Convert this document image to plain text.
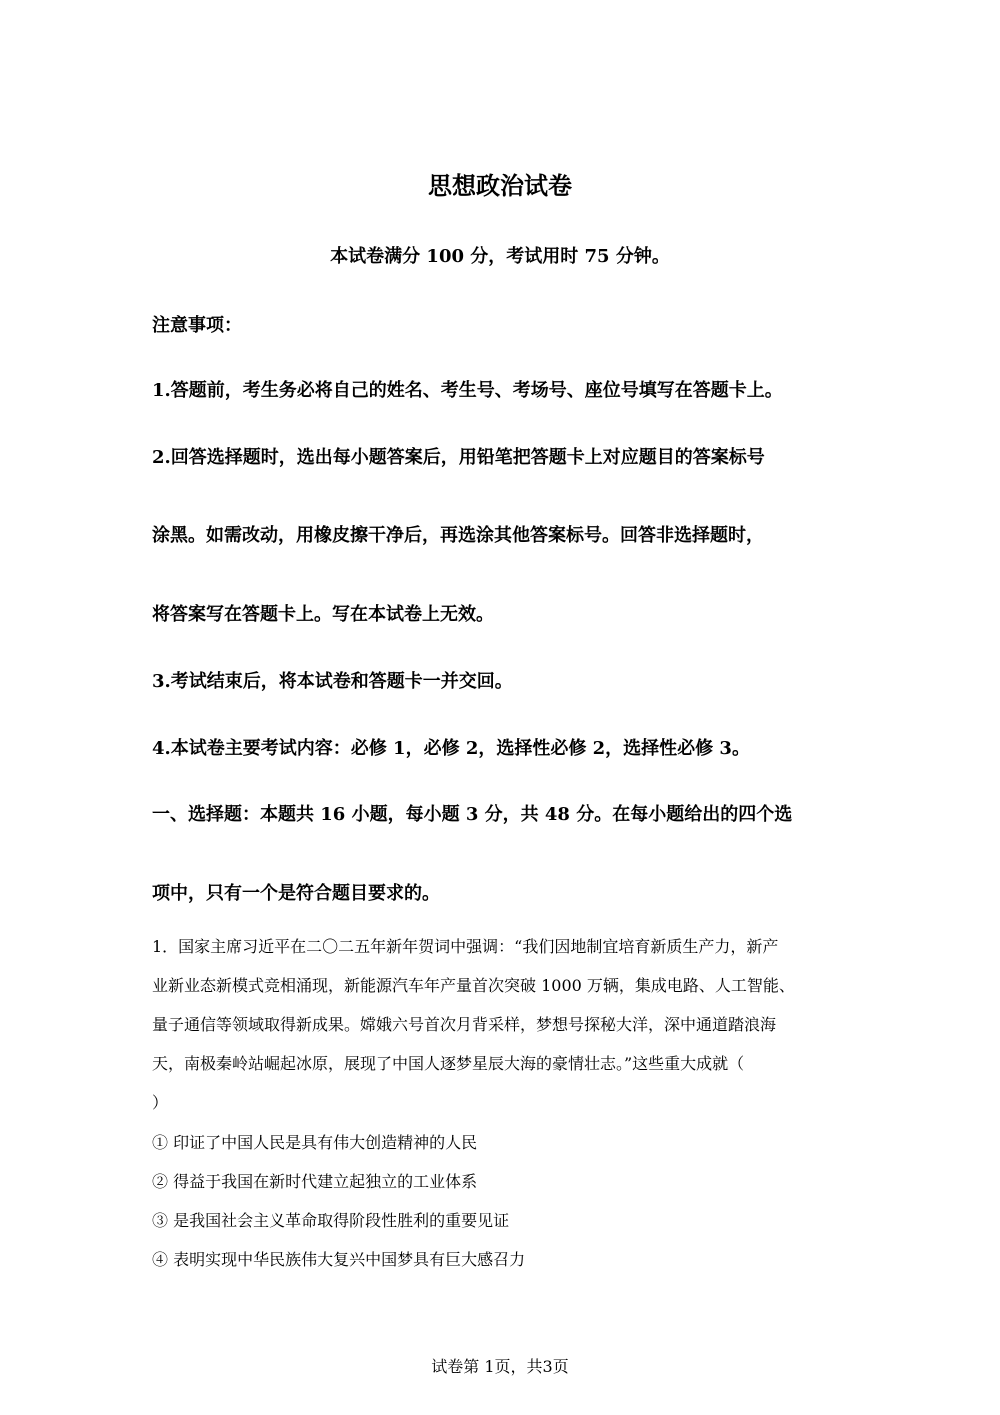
思想政治试卷
本试卷满分 100 分，考试用时 75 分钟。
注意事项：
1.答题前，考生务必将自己的姓名、考生号、考场号、座位号填写在答题卡上。
2.回答选择题时，选出每小题答案后，用铅笔把答题卡上对应题目的答案标号
涂黑。如需改动，用橡皮擦干净后，再选涂其他答案标号。回答非选择题时，
将答案写在答题卡上。写在本试卷上无效。
3.考试结束后，将本试卷和答题卡一并交回。
4.本试卷主要考试内容：必修 1，必修 2，选择性必修 2，选择性必修 3。
一、选择题：本题共 16 小题，每小题 3 分，共 48 分。在每小题给出的四个选
项中，只有一个是符合题目要求的。
1．国家主席习近平在二〇二五年新年贺词中强调：“我们因地制宜培育新质生产力，新产
业新业态新模式竞相涌现，新能源汽车年产量首次突破 1000 万辆，集成电路、人工智能、
量子通信等领域取得新成果。嫦娥六号首次月背采样，梦想号探秘大洋，深中通道踏浪海
天，南极秦岭站崛起冰原，展现了中国人逐梦星辰大海的豪情壮志。”这些重大成就（
）
① 印证了中国人民是具有伟大创造精神的人民
② 得益于我国在新时代建立起独立的工业体系
③ 是我国社会主义革命取得阶段性胜利的重要见证
④ 表明实现中华民族伟大复兴中国梦具有巨大感召力
试卷第 1页，共3页
